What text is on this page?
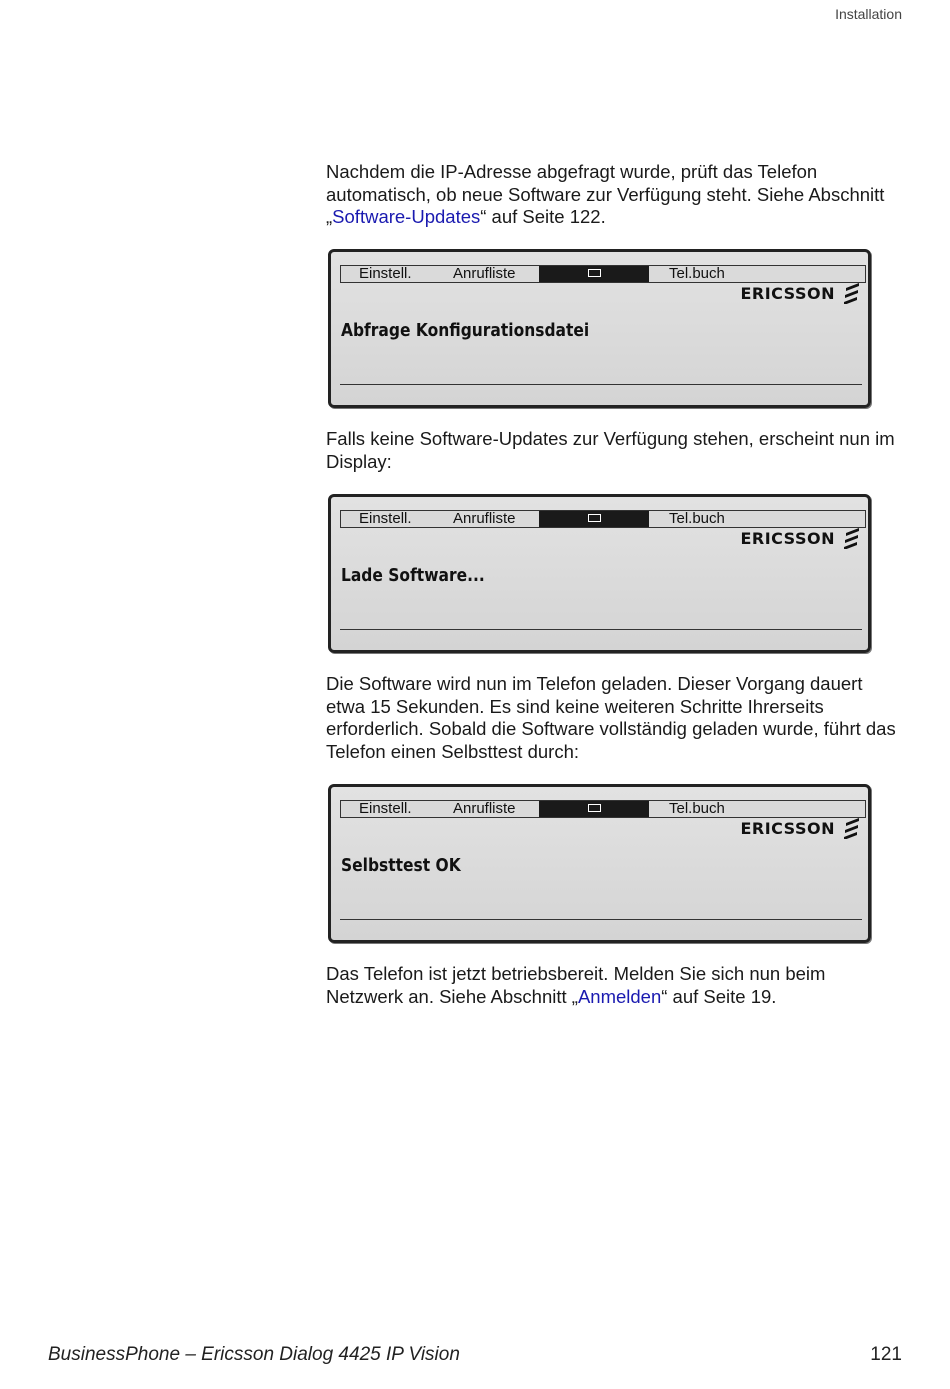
Installation

Nachdem die IP-Adresse abgefragt wurde, prüft das Telefon automatisch, ob neue Software zur Verfügung steht. Siehe Abschnitt „Software-Updates“ auf Seite 122.

Einstell.	Anrufliste	Tel.buch
ERICSSON
Abfrage Konfigurationsdatei

Falls keine Software-Updates zur Verfügung stehen, erscheint nun im Display:

Einstell.	Anrufliste	Tel.buch
ERICSSON
Lade Software...

Die Software wird nun im Telefon geladen. Dieser Vorgang dauert etwa 15 Sekunden. Es sind keine weiteren Schritte Ihrerseits erforderlich. Sobald die Software vollständig geladen wurde, führt das Telefon einen Selbsttest durch:

Einstell.	Anrufliste	Tel.buch
ERICSSON
Selbsttest OK

Das Telefon ist jetzt betriebsbereit. Melden Sie sich nun beim Netzwerk an. Siehe Abschnitt „Anmelden“ auf Seite 19.

BusinessPhone – Ericsson Dialog 4425 IP Vision	121
